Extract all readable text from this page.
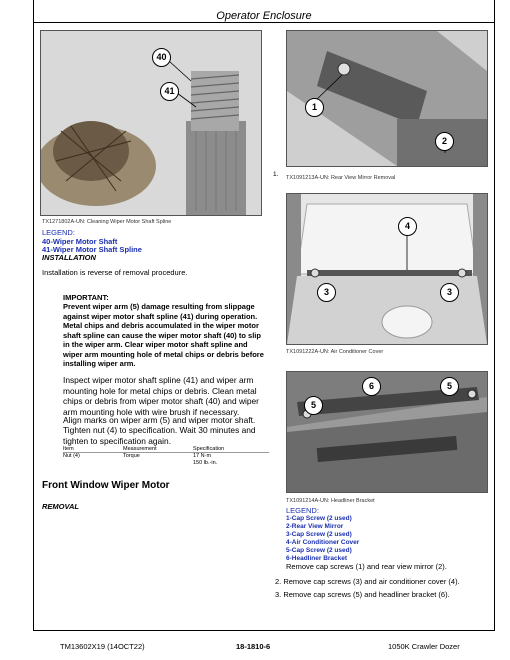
Operator Enclosure
40
41
TX1271802A-UN: Cleaning Wiper Motor Shaft Spline
LEGEND:
40-Wiper Motor Shaft
41-Wiper Motor Shaft Spline
INSTALLATION
Installation is reverse of removal procedure.
IMPORTANT:
Prevent wiper arm (5) damage resulting from slippage against wiper motor shaft spline (41) during operation. Metal chips and debris accumulated in the wiper motor shaft spline can cause the wiper motor shaft (40) to slip in the wiper arm. Clear wiper motor shaft spline and wiper arm mounting hole of metal chips or debris before installing wiper arm.
Inspect wiper motor shaft spline (41) and wiper arm mounting hole for metal chips or debris. Clean metal chips or debris from wiper motor shaft (40) and wiper arm mounting hole with wire brush if necessary.
Align marks on wiper arm (5) and wiper motor shaft.
Tighten nut (4) to specification. Wait 30 minutes and tighten to specification again.
Item	Measurement	Specification
Nut (4)	Torque	17 N·m
150 lb.-in.
Front Window Wiper Motor
REMOVAL
1
2
1. TX1091213A-UN: Rear View Mirror Removal
4
3	3
TX1091222A-UN: Air Conditioner Cover
6	5
5
TX1091214A-UN: Headliner Bracket
LEGEND:
1-Cap Screw (2 used)
2-Rear View Mirror
3-Cap Screw (2 used)
4-Air Conditioner Cover
5-Cap Screw (2 used)
6-Headliner Bracket
Remove cap screws (1) and rear view mirror (2).
2. Remove cap screws (3) and air conditioner cover (4).
3. Remove cap screws (5) and headliner bracket (6).
TM13602X19 (14OCT22)	18-1810-6	1050K Crawler Dozer
